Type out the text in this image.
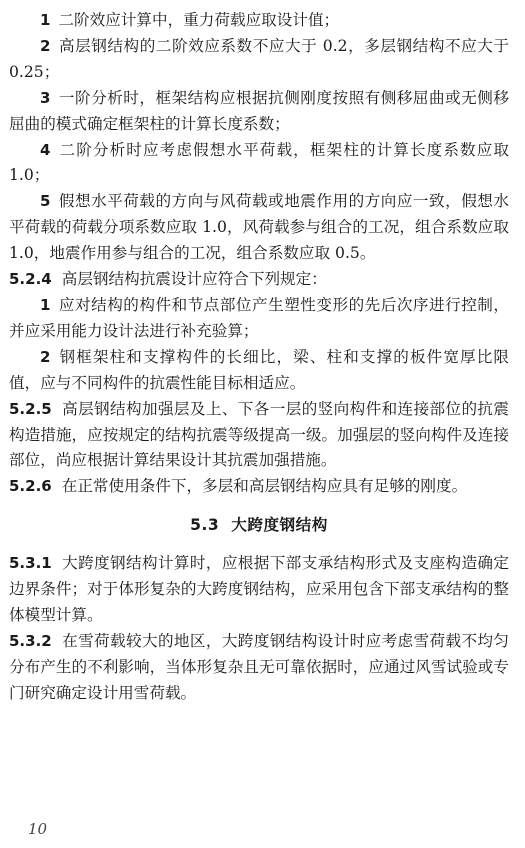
1 二阶效应计算中，重力荷载应取设计值；

2 高层钢结构的二阶效应系数不应大于 0.2，多层钢结构不应大于 0.25；

3 一阶分析时，框架结构应根据抗侧刚度按照有侧移屈曲或无侧移屈曲的模式确定框架柱的计算长度系数；

4 二阶分析时应考虑假想水平荷载，框架柱的计算长度系数应取 1.0；

5 假想水平荷载的方向与风荷载或地震作用的方向应一致，假想水平荷载的荷载分项系数应取 1.0，风荷载参与组合的工况，组合系数应取 1.0，地震作用参与组合的工况，组合系数应取 0.5。

5.2.4 高层钢结构抗震设计应符合下列规定：

1 应对结构的构件和节点部位产生塑性变形的先后次序进行控制，并应采用能力设计法进行补充验算；

2 钢框架柱和支撑构件的长细比，梁、柱和支撑的板件宽厚比限值，应与不同构件的抗震性能目标相适应。

5.2.5 高层钢结构加强层及上、下各一层的竖向构件和连接部位的抗震构造措施，应按规定的结构抗震等级提高一级。加强层的竖向构件及连接部位，尚应根据计算结果设计其抗震加强措施。

5.2.6 在正常使用条件下，多层和高层钢结构应具有足够的刚度。

5.3 大跨度钢结构

5.3.1 大跨度钢结构计算时，应根据下部支承结构形式及支座构造确定边界条件；对于体形复杂的大跨度钢结构，应采用包含下部支承结构的整体模型计算。

5.3.2 在雪荷载较大的地区，大跨度钢结构设计时应考虑雪荷载不均匀分布产生的不利影响，当体形复杂且无可靠依据时，应通过风雪试验或专门研究确定设计用雪荷载。

10
